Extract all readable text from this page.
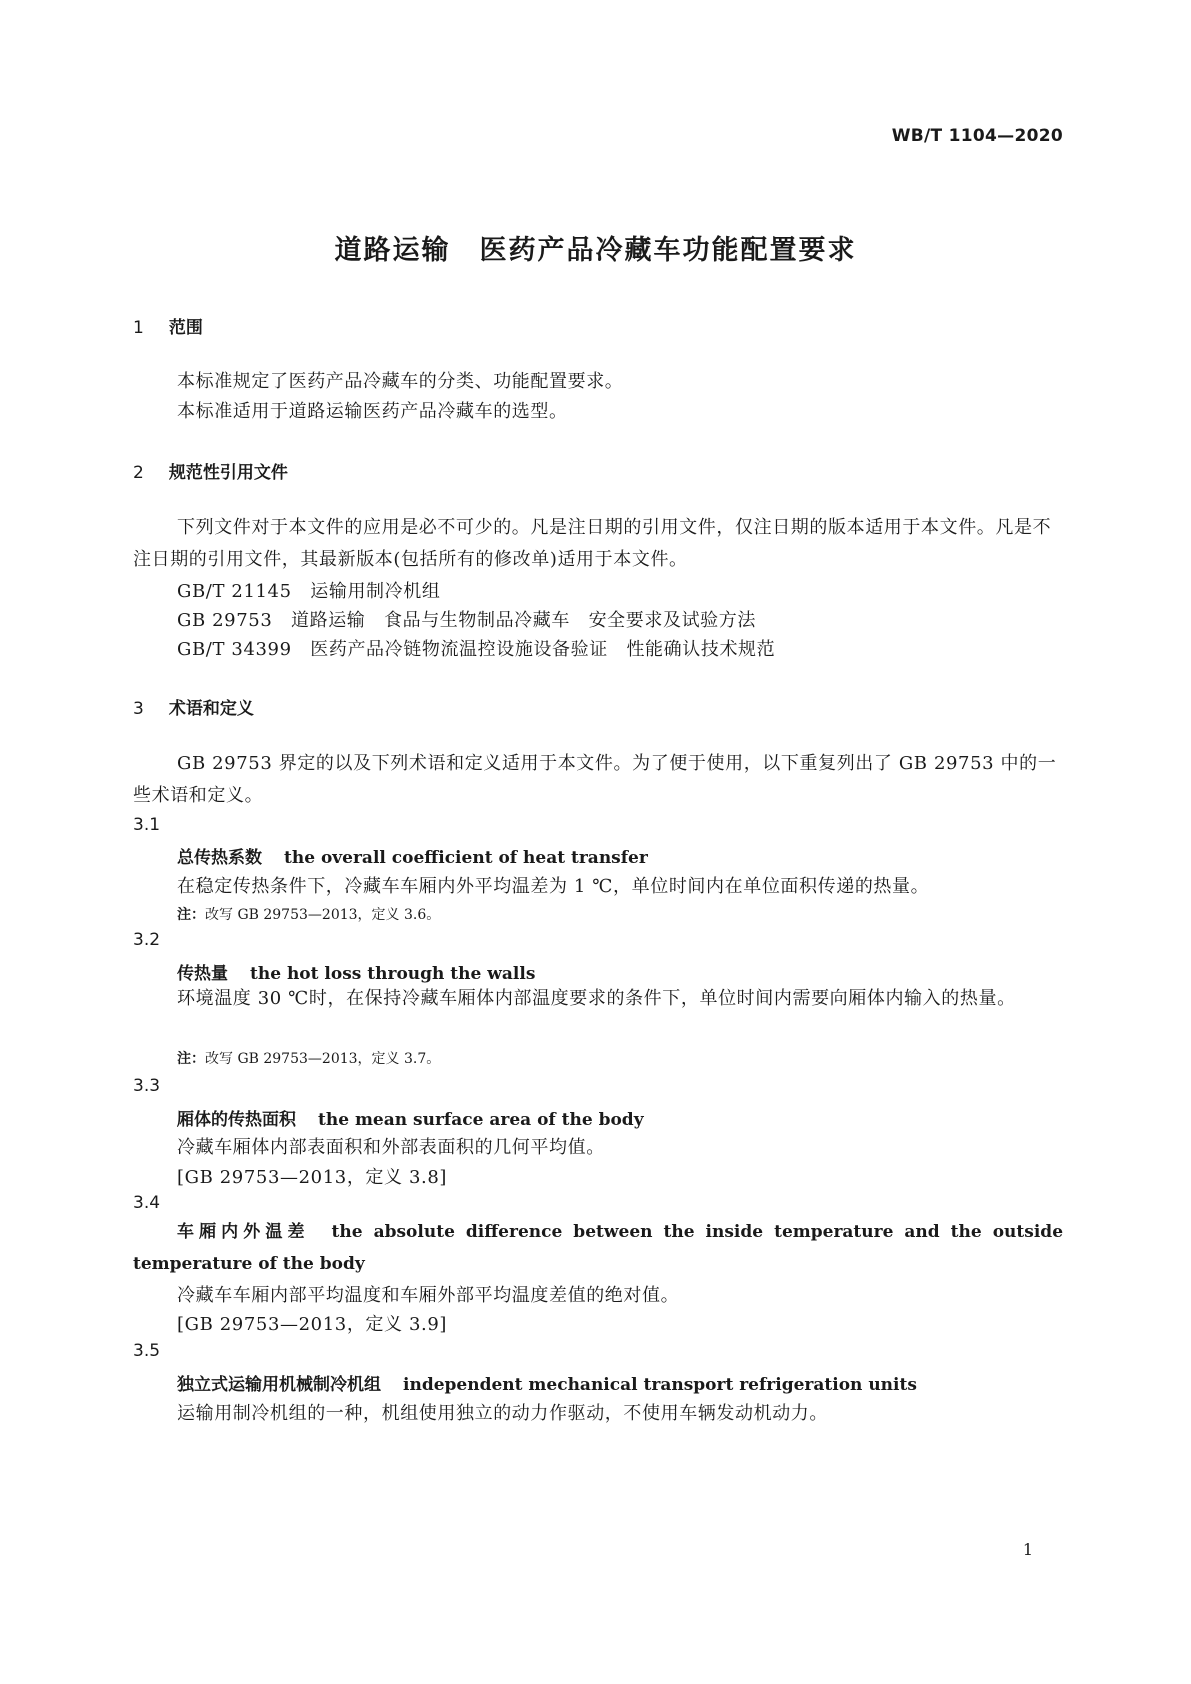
WB/T 1104—2020
道路运输　医药产品冷藏车功能配置要求
1 范围
本标准规定了医药产品冷藏车的分类、功能配置要求。
本标准适用于道路运输医药产品冷藏车的选型。
2 规范性引用文件
下列文件对于本文件的应用是必不可少的。凡是注日期的引用文件，仅注日期的版本适用于本文件。凡是不注日期的引用文件，其最新版本(包括所有的修改单)适用于本文件。
GB/T 21145　运输用制冷机组
GB 29753　道路运输　食品与生物制品冷藏车　安全要求及试验方法
GB/T 34399　医药产品冷链物流温控设施设备验证　性能确认技术规范
3 术语和定义
GB 29753 界定的以及下列术语和定义适用于本文件。为了便于使用，以下重复列出了 GB 29753 中的一些术语和定义。
3.1
总传热系数 the overall coefficient of heat transfer
在稳定传热条件下，冷藏车车厢内外平均温差为 1 ℃，单位时间内在单位面积传递的热量。
注：改写 GB 29753—2013，定义 3.6。
3.2
传热量 the hot loss through the walls
环境温度 30 ℃时，在保持冷藏车厢体内部温度要求的条件下，单位时间内需要向厢体内输入的热量。
注：改写 GB 29753—2013，定义 3.7。
3.3
厢体的传热面积 the mean surface area of the body
冷藏车厢体内部表面积和外部表面积的几何平均值。
[GB 29753—2013，定义 3.8]
3.4
车厢内外温差 the absolute difference between the inside temperature and the outside temperature of the body
冷藏车车厢内部平均温度和车厢外部平均温度差值的绝对值。
[GB 29753—2013，定义 3.9]
3.5
独立式运输用机械制冷机组 independent mechanical transport refrigeration units
运输用制冷机组的一种，机组使用独立的动力作驱动，不使用车辆发动机动力。
1
